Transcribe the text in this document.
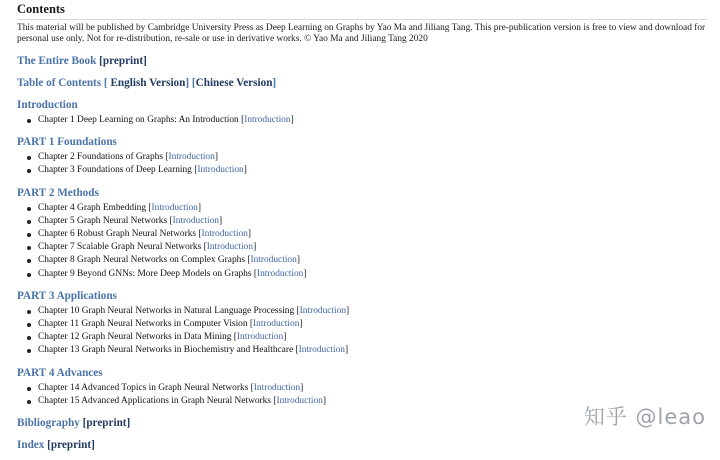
Contents

This material will be published by Cambridge University Press as Deep Learning on Graphs by Yao Ma and Jiliang Tang. This pre-publication version is free to view and download for personal use only. Not for re-distribution, re-sale or use in derivative works. © Yao Ma and Jiliang Tang 2020

The Entire Book [preprint]
Table of Contents [ English Version] [Chinese Version]
Introduction
Chapter 1 Deep Learning on Graphs: An Introduction [Introduction]
PART 1 Foundations
Chapter 2 Foundations of Graphs [Introduction]
Chapter 3 Foundations of Deep Learning [Introduction]
PART 2 Methods
Chapter 4 Graph Embedding [Introduction]
Chapter 5 Graph Neural Networks [Introduction]
Chapter 6 Robust Graph Neural Networks [Introduction]
Chapter 7 Scalable Graph Neural Networks [Introduction]
Chapter 8 Graph Neural Networks on Complex Graphs [Introduction]
Chapter 9 Beyond GNNs: More Deep Models on Graphs [Introduction]
PART 3 Applications
Chapter 10 Graph Neural Networks in Natural Language Processing [Introduction]
Chapter 11 Graph Neural Networks in Computer Vision [Introduction]
Chapter 12 Graph Neural Networks in Data Mining [Introduction]
Chapter 13 Graph Neural Networks in Biochemistry and Healthcare [Introduction]
PART 4 Advances
Chapter 14 Advanced Topics in Graph Neural Networks [Introduction]
Chapter 15 Advanced Applications in Graph Neural Networks [Introduction]
Bibliography [preprint]
Index [preprint]
知乎 @leao
